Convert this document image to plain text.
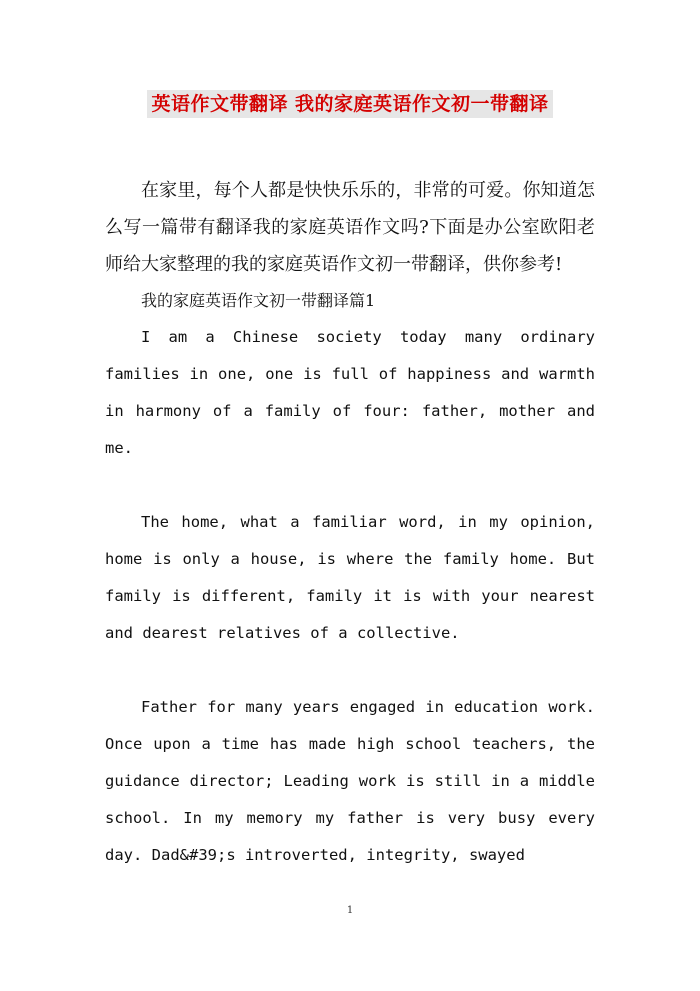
英语作文带翻译 我的家庭英语作文初一带翻译

在家里，每个人都是快快乐乐的，非常的可爱。你知道怎么写一篇带有翻译我的家庭英语作文吗?下面是办公室欧阳老师给大家整理的我的家庭英语作文初一带翻译，供你参考!

我的家庭英语作文初一带翻译篇1

I am a Chinese society today many ordinary families in one, one is full of happiness and warmth in harmony of a family of four: father, mother and me.

The home, what a familiar word, in my opinion, home is only a house, is where the family home. But family is different, family it is with your nearest and dearest relatives of a collective.

Father for many years engaged in education work. Once upon a time has made high school teachers, the guidance director; Leading work is still in a middle school. In my memory my father is very busy every day. Dad&#39;s introverted, integrity, swayed

1
